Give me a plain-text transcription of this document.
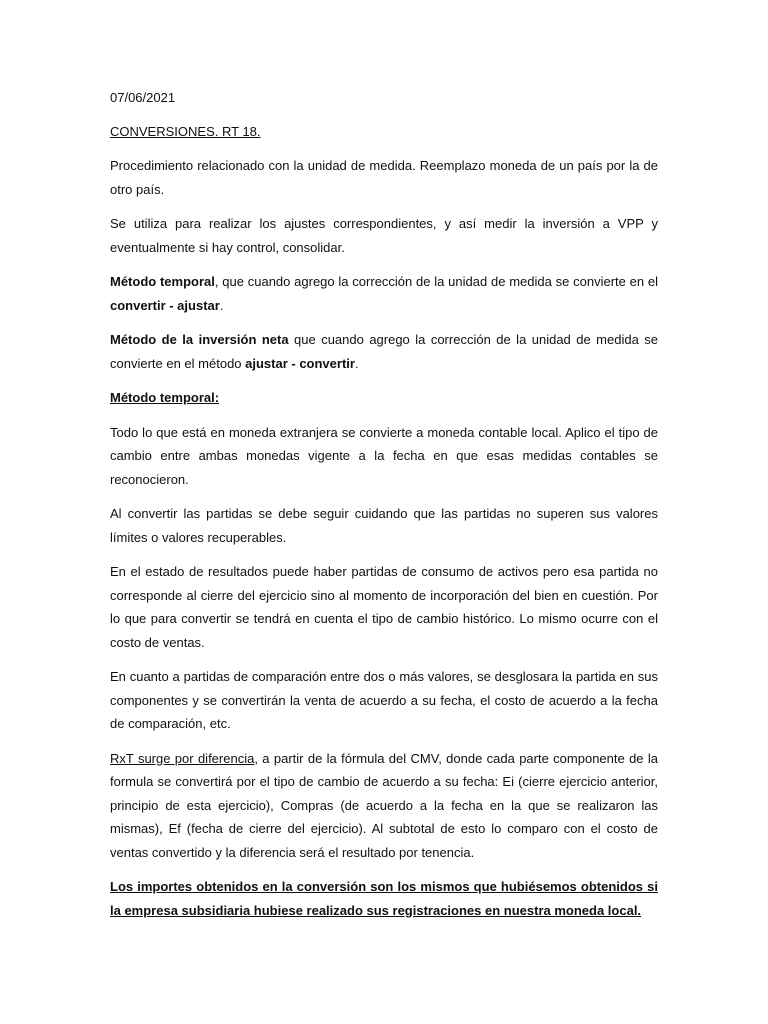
07/06/2021

CONVERSIONES. RT 18.

Procedimiento relacionado con la unidad de medida. Reemplazo moneda de un país por la de otro país.

Se utiliza para realizar los ajustes correspondientes, y así medir la inversión a VPP y eventualmente si hay control, consolidar.

Método temporal, que cuando agrego la corrección de la unidad de medida se convierte en el convertir - ajustar.

Método de la inversión neta que cuando agrego la corrección de la unidad de medida se convierte en el método ajustar - convertir.

Método temporal:

Todo lo que está en moneda extranjera se convierte a moneda contable local. Aplico el tipo de cambio entre ambas monedas vigente a la fecha en que esas medidas contables se reconocieron.

Al convertir las partidas se debe seguir cuidando que las partidas no superen sus valores límites o valores recuperables.

En el estado de resultados puede haber partidas de consumo de activos pero esa partida no corresponde al cierre del ejercicio sino al momento de incorporación del bien en cuestión. Por lo que para convertir se tendrá en cuenta el tipo de cambio histórico. Lo mismo ocurre con el costo de ventas.

En cuanto a partidas de comparación entre dos o más valores, se desglosara la partida en sus componentes y se convertirán la venta de acuerdo a su fecha, el costo de acuerdo a la fecha de comparación, etc.

RxT surge por diferencia, a partir de la fórmula del CMV, donde cada parte componente de la formula se convertirá por el tipo de cambio de acuerdo a su fecha: Ei (cierre ejercicio anterior, principio de esta ejercicio), Compras (de acuerdo a la fecha en la que se realizaron las mismas), Ef (fecha de cierre del ejercicio). Al subtotal de esto lo comparo con el costo de ventas convertido y la diferencia será el resultado por tenencia.

Los importes obtenidos en la conversión son los mismos que hubiésemos obtenidos si la empresa subsidiaria hubiese realizado sus registraciones en nuestra moneda local.
